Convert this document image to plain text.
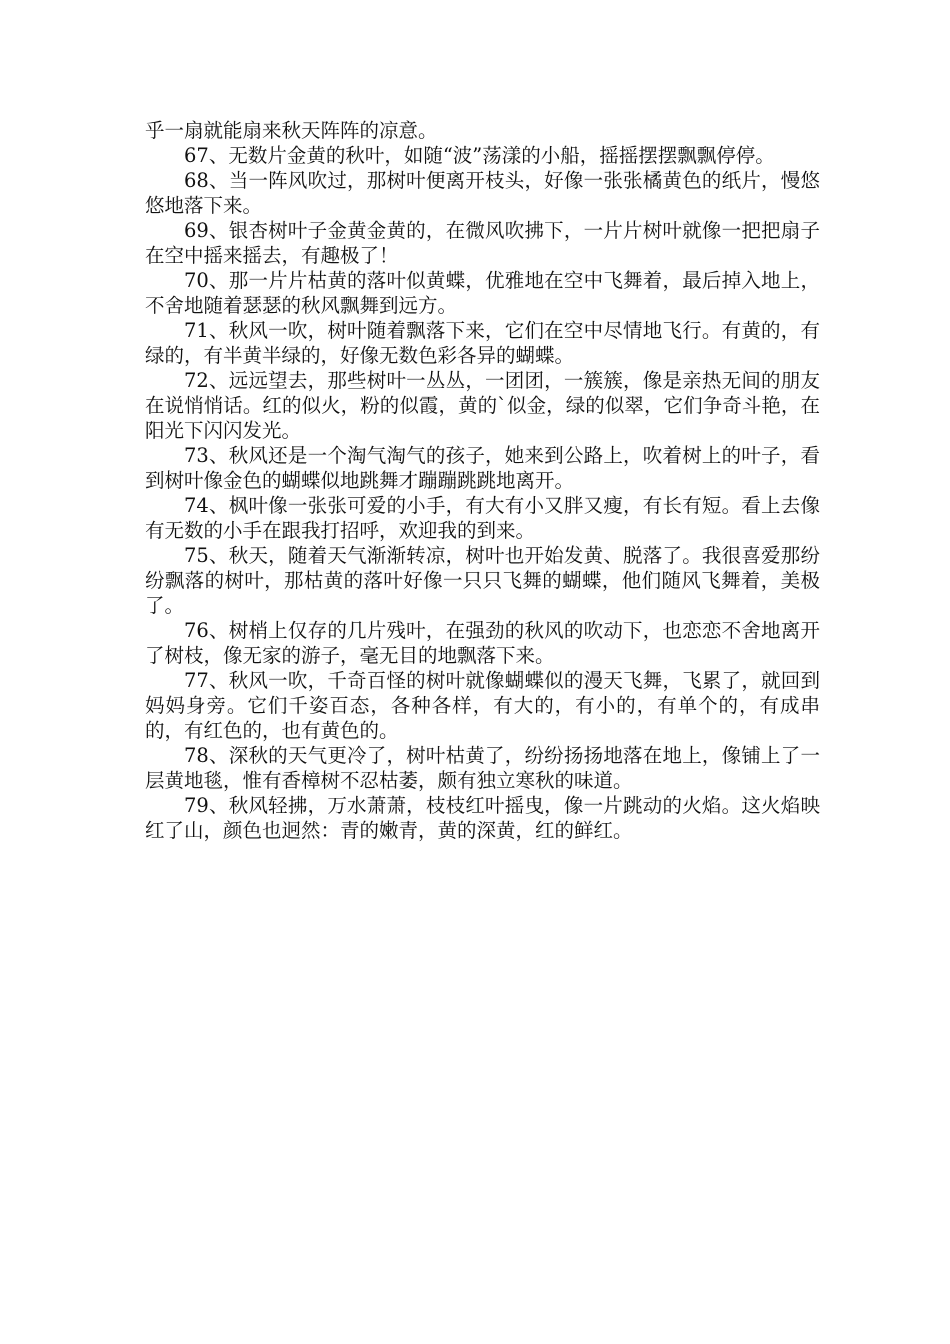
乎一扇就能扇来秋天阵阵的凉意。

67、无数片金黄的秋叶，如随“波”荡漾的小船，摇摇摆摆飘飘停停。

68、当一阵风吹过，那树叶便离开枝头，好像一张张橘黄色的纸片，慢悠悠地落下来。

69、银杏树叶子金黄金黄的，在微风吹拂下，一片片树叶就像一把把扇子在空中摇来摇去，有趣极了！

70、那一片片枯黄的落叶似黄蝶，优雅地在空中飞舞着，最后掉入地上，不舍地随着瑟瑟的秋风飘舞到远方。

71、秋风一吹，树叶随着飘落下来，它们在空中尽情地飞行。有黄的，有绿的，有半黄半绿的，好像无数色彩各异的蝴蝶。

72、远远望去，那些树叶一丛丛，一团团，一簇簇，像是亲热无间的朋友在说悄悄话。红的似火，粉的似霞，黄的`似金，绿的似翠，它们争奇斗艳，在阳光下闪闪发光。

73、秋风还是一个淘气淘气的孩子，她来到公路上，吹着树上的叶子，看到树叶像金色的蝴蝶似地跳舞才蹦蹦跳跳地离开。

74、枫叶像一张张可爱的小手，有大有小又胖又瘦，有长有短。看上去像有无数的小手在跟我打招呼，欢迎我的到来。

75、秋天，随着天气渐渐转凉，树叶也开始发黄、脱落了。我很喜爱那纷纷飘落的树叶，那枯黄的落叶好像一只只飞舞的蝴蝶，他们随风飞舞着，美极了。

76、树梢上仅存的几片残叶，在强劲的秋风的吹动下，也恋恋不舍地离开了树枝，像无家的游子，毫无目的地飘落下来。

77、秋风一吹，千奇百怪的树叶就像蝴蝶似的漫天飞舞，飞累了，就回到妈妈身旁。它们千姿百态，各种各样，有大的，有小的，有单个的，有成串的，有红色的，也有黄色的。

78、深秋的天气更冷了，树叶枯黄了，纷纷扬扬地落在地上，像铺上了一层黄地毯，惟有香樟树不忍枯萎，颇有独立寒秋的味道。

79、秋风轻拂，万水萧萧，枝枝红叶摇曳，像一片跳动的火焰。这火焰映红了山，颜色也迥然：青的嫩青，黄的深黄，红的鲜红。
